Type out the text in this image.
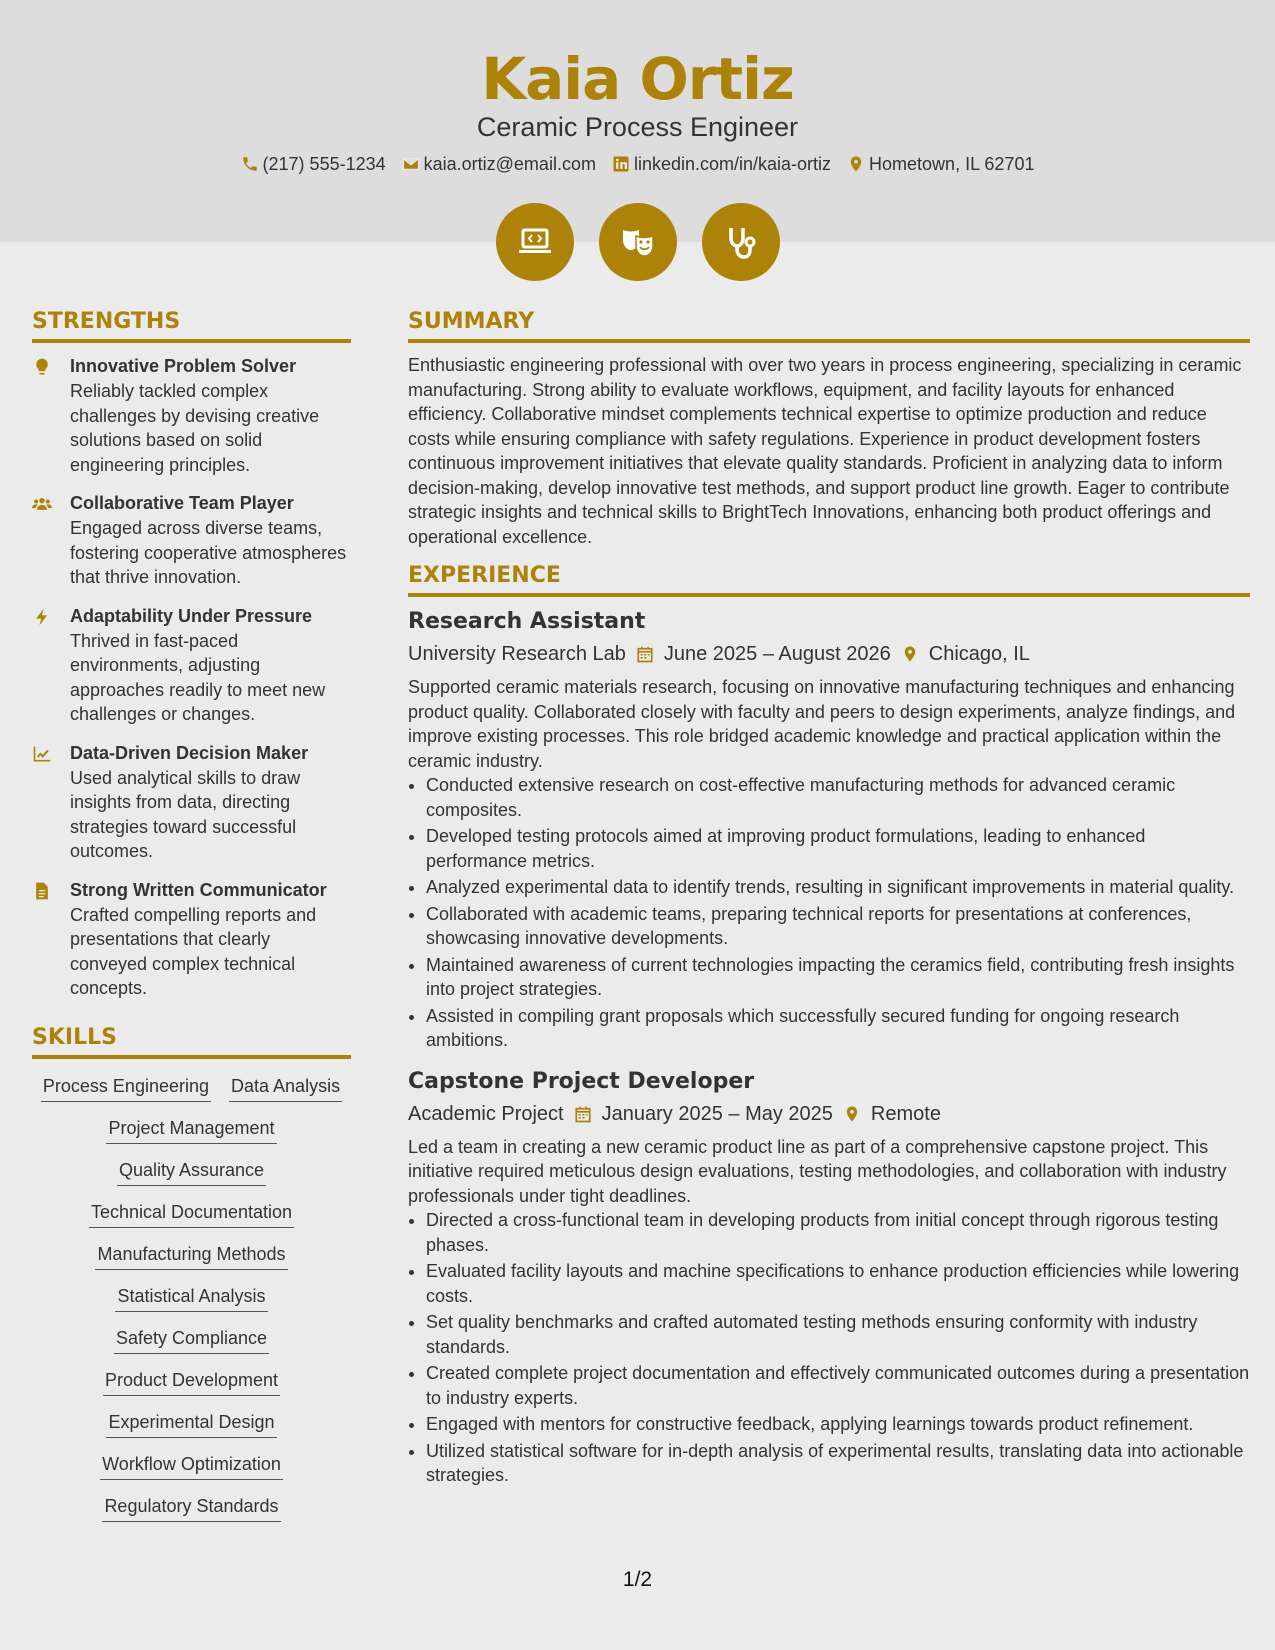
Kaia Ortiz
Ceramic Process Engineer
(217) 555-1234 kaia.ortiz@email.com linkedin.com/in/kaia-ortiz Hometown, IL 62701
STRENGTHS
Innovative Problem Solver
Reliably tackled complex challenges by devising creative solutions based on solid engineering principles.
Collaborative Team Player
Engaged across diverse teams, fostering cooperative atmospheres that thrive innovation.
Adaptability Under Pressure
Thrived in fast-paced environments, adjusting approaches readily to meet new challenges or changes.
Data-Driven Decision Maker
Used analytical skills to draw insights from data, directing strategies toward successful outcomes.
Strong Written Communicator
Crafted compelling reports and presentations that clearly conveyed complex technical concepts.
SKILLS
Process Engineering Data Analysis
Project Management
Quality Assurance
Technical Documentation
Manufacturing Methods
Statistical Analysis
Safety Compliance
Product Development
Experimental Design
Workflow Optimization
Regulatory Standards
SUMMARY

Enthusiastic engineering professional with over two years in process engineering, specializing in ceramic manufacturing. Strong ability to evaluate workflows, equipment, and facility layouts for enhanced efficiency. Collaborative mindset complements technical expertise to optimize production and reduce costs while ensuring compliance with safety regulations. Experience in product development fosters continuous improvement initiatives that elevate quality standards. Proficient in analyzing data to inform decision-making, develop innovative test methods, and support product line growth. Eager to contribute strategic insights and technical skills to BrightTech Innovations, enhancing both product offerings and operational excellence.

EXPERIENCE
Research Assistant
University Research Lab June 2025 – August 2026 Chicago, IL
Supported ceramic materials research, focusing on innovative manufacturing techniques and enhancing product quality. Collaborated closely with faculty and peers to design experiments, analyze findings, and improve existing processes. This role bridged academic knowledge and practical application within the ceramic industry.
• Conducted extensive research on cost-effective manufacturing methods for advanced ceramic composites.
• Developed testing protocols aimed at improving product formulations, leading to enhanced performance metrics.
• Analyzed experimental data to identify trends, resulting in significant improvements in material quality.
• Collaborated with academic teams, preparing technical reports for presentations at conferences, showcasing innovative developments.
• Maintained awareness of current technologies impacting the ceramics field, contributing fresh insights into project strategies.
• Assisted in compiling grant proposals which successfully secured funding for ongoing research ambitions.
Capstone Project Developer
Academic Project January 2025 – May 2025 Remote
Led a team in creating a new ceramic product line as part of a comprehensive capstone project. This initiative required meticulous design evaluations, testing methodologies, and collaboration with industry professionals under tight deadlines.
• Directed a cross-functional team in developing products from initial concept through rigorous testing phases.
• Evaluated facility layouts and machine specifications to enhance production efficiencies while lowering costs.
• Set quality benchmarks and crafted automated testing methods ensuring conformity with industry standards.
• Created complete project documentation and effectively communicated outcomes during a presentation to industry experts.
• Engaged with mentors for constructive feedback, applying learnings towards product refinement.
• Utilized statistical software for in-depth analysis of experimental results, translating data into actionable strategies.
1/2
